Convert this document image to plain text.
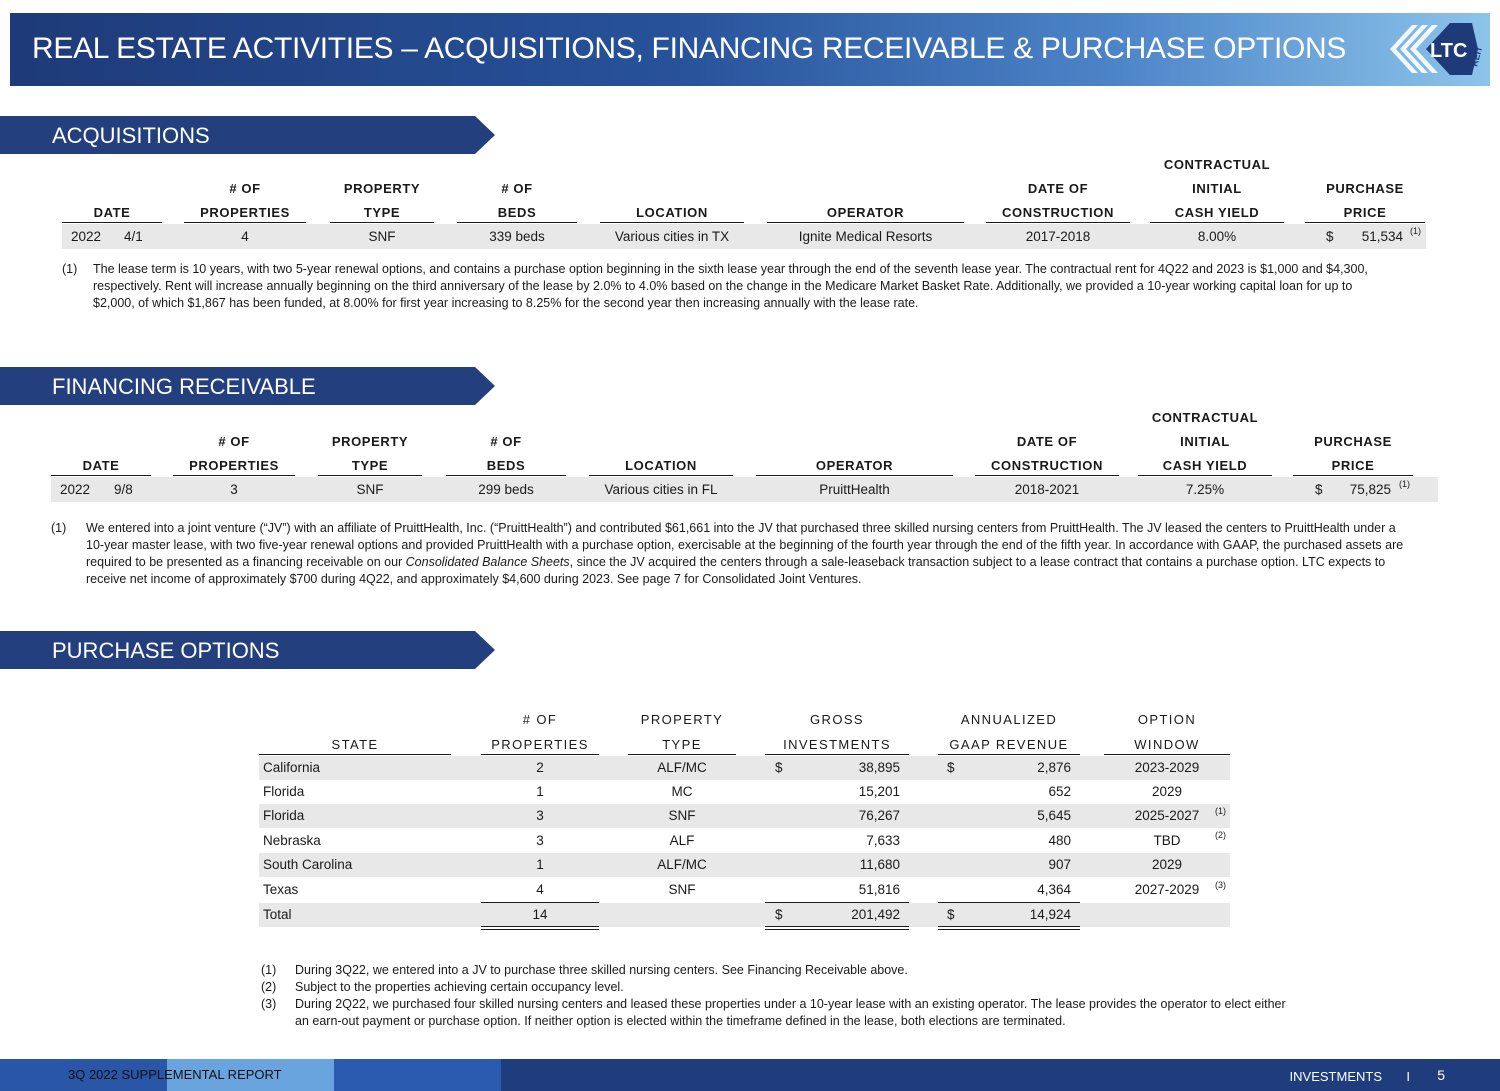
REAL ESTATE ACTIVITIES – ACQUISITIONS, FINANCING RECEIVABLE & PURCHASE OPTIONS	LTC REIT
ACQUISITIONS
CONTRACTUAL
# OF	PROPERTY	# OF	DATE OF	INITIAL	PURCHASE
DATE	PROPERTIES	TYPE	BEDS	LOCATION	OPERATOR	CONSTRUCTION	CASH YIELD	PRICE
2022 4/1	4	SNF	339 beds	Various cities in TX	Ignite Medical Resorts	2017-2018	8.00%	$	51,534 (1)
(1) The lease term is 10 years, with two 5-year renewal options, and contains a purchase option beginning in the sixth lease year through the end of the seventh lease year. The contractual rent for 4Q22 and 2023 is $1,000 and $4,300, respectively. Rent will increase annually beginning on the third anniversary of the lease by 2.0% to 4.0% based on the change in the Medicare Market Basket Rate. Additionally, we provided a 10-year working capital loan for up to $2,000, of which $1,867 has been funded, at 8.00% for first year increasing to 8.25% for the second year then increasing annually with the lease rate.
FINANCING RECEIVABLE
CONTRACTUAL
# OF	PROPERTY	# OF	DATE OF	INITIAL	PURCHASE
DATE	PROPERTIES	TYPE	BEDS	LOCATION	OPERATOR	CONSTRUCTION	CASH YIELD	PRICE
2022 9/8	3	SNF	299 beds	Various cities in FL	PruittHealth	2018-2021	7.25%	$	75,825 (1)
(1) We entered into a joint venture (“JV”) with an affiliate of PruittHealth, Inc. (“PruittHealth”) and contributed $61,661 into the JV that purchased three skilled nursing centers from PruittHealth. The JV leased the centers to PruittHealth under a 10-year master lease, with two five-year renewal options and provided PruittHealth with a purchase option, exercisable at the beginning of the fourth year through the end of the fifth year. In accordance with GAAP, the purchased assets are required to be presented as a financing receivable on our Consolidated Balance Sheets, since the JV acquired the centers through a sale-leaseback transaction subject to a lease contract that contains a purchase option. LTC expects to receive net income of approximately $700 during 4Q22, and approximately $4,600 during 2023. See page 7 for Consolidated Joint Ventures.
PURCHASE OPTIONS
# OF	PROPERTY	GROSS	ANNUALIZED	OPTION
STATE	PROPERTIES	TYPE	INVESTMENTS	GAAP REVENUE	WINDOW
California	2	ALF/MC	$	38,895	$	2,876	2023-2029
Florida	1	MC	15,201	652	2029
Florida	3	SNF	76,267	5,645	2025-2027	(1)
Nebraska	3	ALF	7,633	480	TBD	(2)
South Carolina	1	ALF/MC	11,680	907	2029
Texas	4	SNF	51,816	4,364	2027-2029	(3)
Total	14	$	201,492	$	14,924
(1) During 3Q22, we entered into a JV to purchase three skilled nursing centers. See Financing Receivable above.
(2) Subject to the properties achieving certain occupancy level.
(3) During 2Q22, we purchased four skilled nursing centers and leased these properties under a 10-year lease with an existing operator. The lease provides the operator to elect either an earn-out payment or purchase option. If neither option is elected within the timeframe defined in the lease, both elections are terminated.
3Q 2022 SUPPLEMENTAL REPORT	INVESTMENTS I 5
